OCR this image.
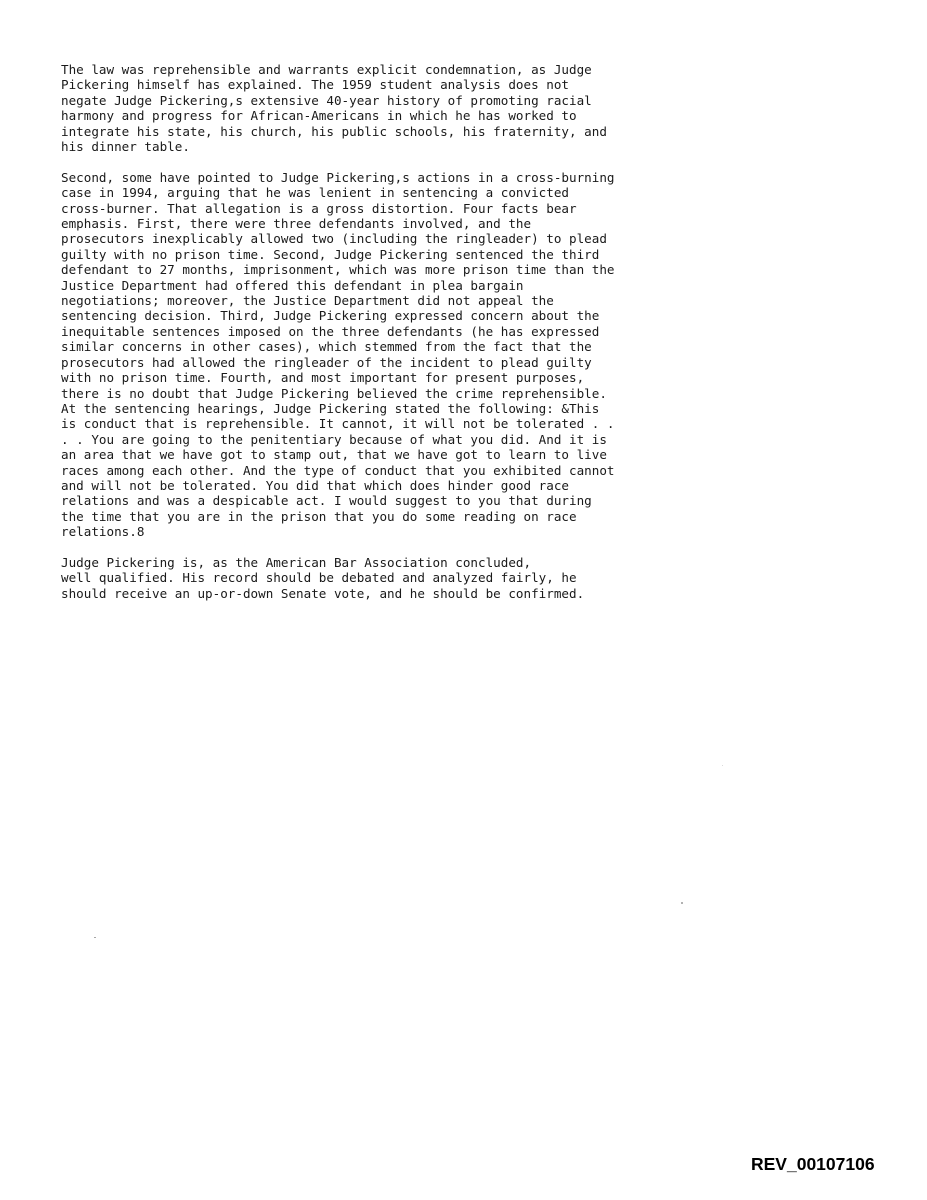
The law was reprehensible and warrants explicit condemnation, as Judge
Pickering himself has explained. The 1959 student analysis does not
negate Judge Pickering,s extensive 40-year history of promoting racial
harmony and progress for African-Americans in which he has worked to
integrate his state, his church, his public schools, his fraternity, and
his dinner table.
Second, some have pointed to Judge Pickering,s actions in a cross-burning
case in 1994, arguing that he was lenient in sentencing a convicted
cross-burner. That allegation is a gross distortion. Four facts bear
emphasis. First, there were three defendants involved, and the
prosecutors inexplicably allowed two (including the ringleader) to plead
guilty with no prison time. Second, Judge Pickering sentenced the third
defendant to 27 months, imprisonment, which was more prison time than the
Justice Department had offered this defendant in plea bargain
negotiations; moreover, the Justice Department did not appeal the
sentencing decision. Third, Judge Pickering expressed concern about the
inequitable sentences imposed on the three defendants (he has expressed
similar concerns in other cases), which stemmed from the fact that the
prosecutors had allowed the ringleader of the incident to plead guilty
with no prison time. Fourth, and most important for present purposes,
there is no doubt that Judge Pickering believed the crime reprehensible.
At the sentencing hearings, Judge Pickering stated the following: &This
is conduct that is reprehensible. It cannot, it will not be tolerated . .
. . You are going to the penitentiary because of what you did. And it is
an area that we have got to stamp out, that we have got to learn to live
races among each other. And the type of conduct that you exhibited cannot
and will not be tolerated. You did that which does hinder good race
relations and was a despicable act. I would suggest to you that during
the time that you are in the prison that you do some reading on race
relations.8
Judge Pickering is, as the American Bar Association concluded,
well qualified. His record should be debated and analyzed fairly, he
should receive an up-or-down Senate vote, and he should be confirmed.
REV_00107106
